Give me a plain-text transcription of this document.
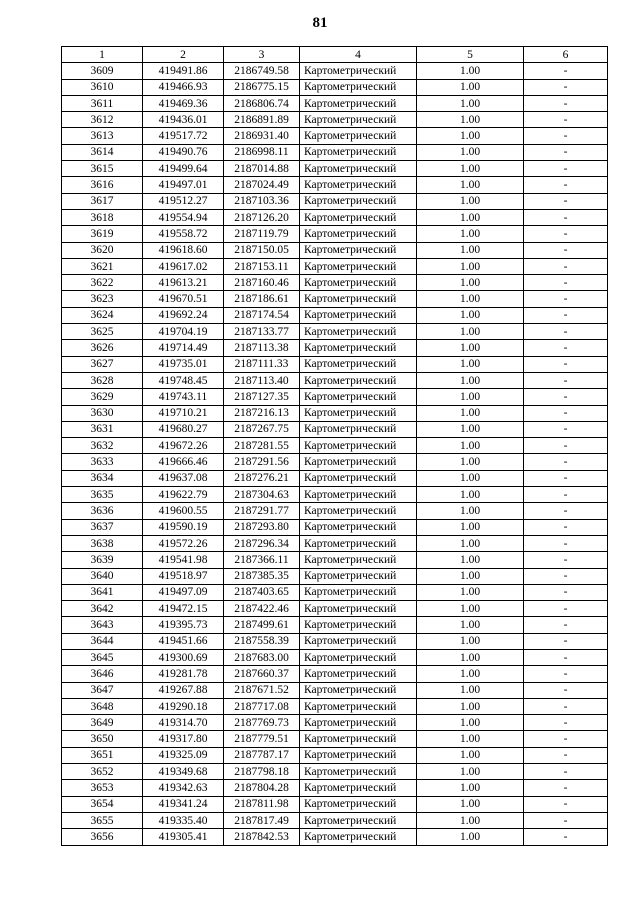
81
1	2	3	4	5	6
3609	419491.86	2186749.58	Картометрический	1.00	-
3610	419466.93	2186775.15	Картометрический	1.00	-
3611	419469.36	2186806.74	Картометрический	1.00	-
3612	419436.01	2186891.89	Картометрический	1.00	-
3613	419517.72	2186931.40	Картометрический	1.00	-
3614	419490.76	2186998.11	Картометрический	1.00	-
3615	419499.64	2187014.88	Картометрический	1.00	-
3616	419497.01	2187024.49	Картометрический	1.00	-
3617	419512.27	2187103.36	Картометрический	1.00	-
3618	419554.94	2187126.20	Картометрический	1.00	-
3619	419558.72	2187119.79	Картометрический	1.00	-
3620	419618.60	2187150.05	Картометрический	1.00	-
3621	419617.02	2187153.11	Картометрический	1.00	-
3622	419613.21	2187160.46	Картометрический	1.00	-
3623	419670.51	2187186.61	Картометрический	1.00	-
3624	419692.24	2187174.54	Картометрический	1.00	-
3625	419704.19	2187133.77	Картометрический	1.00	-
3626	419714.49	2187113.38	Картометрический	1.00	-
3627	419735.01	2187111.33	Картометрический	1.00	-
3628	419748.45	2187113.40	Картометрический	1.00	-
3629	419743.11	2187127.35	Картометрический	1.00	-
3630	419710.21	2187216.13	Картометрический	1.00	-
3631	419680.27	2187267.75	Картометрический	1.00	-
3632	419672.26	2187281.55	Картометрический	1.00	-
3633	419666.46	2187291.56	Картометрический	1.00	-
3634	419637.08	2187276.21	Картометрический	1.00	-
3635	419622.79	2187304.63	Картометрический	1.00	-
3636	419600.55	2187291.77	Картометрический	1.00	-
3637	419590.19	2187293.80	Картометрический	1.00	-
3638	419572.26	2187296.34	Картометрический	1.00	-
3639	419541.98	2187366.11	Картометрический	1.00	-
3640	419518.97	2187385.35	Картометрический	1.00	-
3641	419497.09	2187403.65	Картометрический	1.00	-
3642	419472.15	2187422.46	Картометрический	1.00	-
3643	419395.73	2187499.61	Картометрический	1.00	-
3644	419451.66	2187558.39	Картометрический	1.00	-
3645	419300.69	2187683.00	Картометрический	1.00	-
3646	419281.78	2187660.37	Картометрический	1.00	-
3647	419267.88	2187671.52	Картометрический	1.00	-
3648	419290.18	2187717.08	Картометрический	1.00	-
3649	419314.70	2187769.73	Картометрический	1.00	-
3650	419317.80	2187779.51	Картометрический	1.00	-
3651	419325.09	2187787.17	Картометрический	1.00	-
3652	419349.68	2187798.18	Картометрический	1.00	-
3653	419342.63	2187804.28	Картометрический	1.00	-
3654	419341.24	2187811.98	Картометрический	1.00	-
3655	419335.40	2187817.49	Картометрический	1.00	-
3656	419305.41	2187842.53	Картометрический	1.00	-
